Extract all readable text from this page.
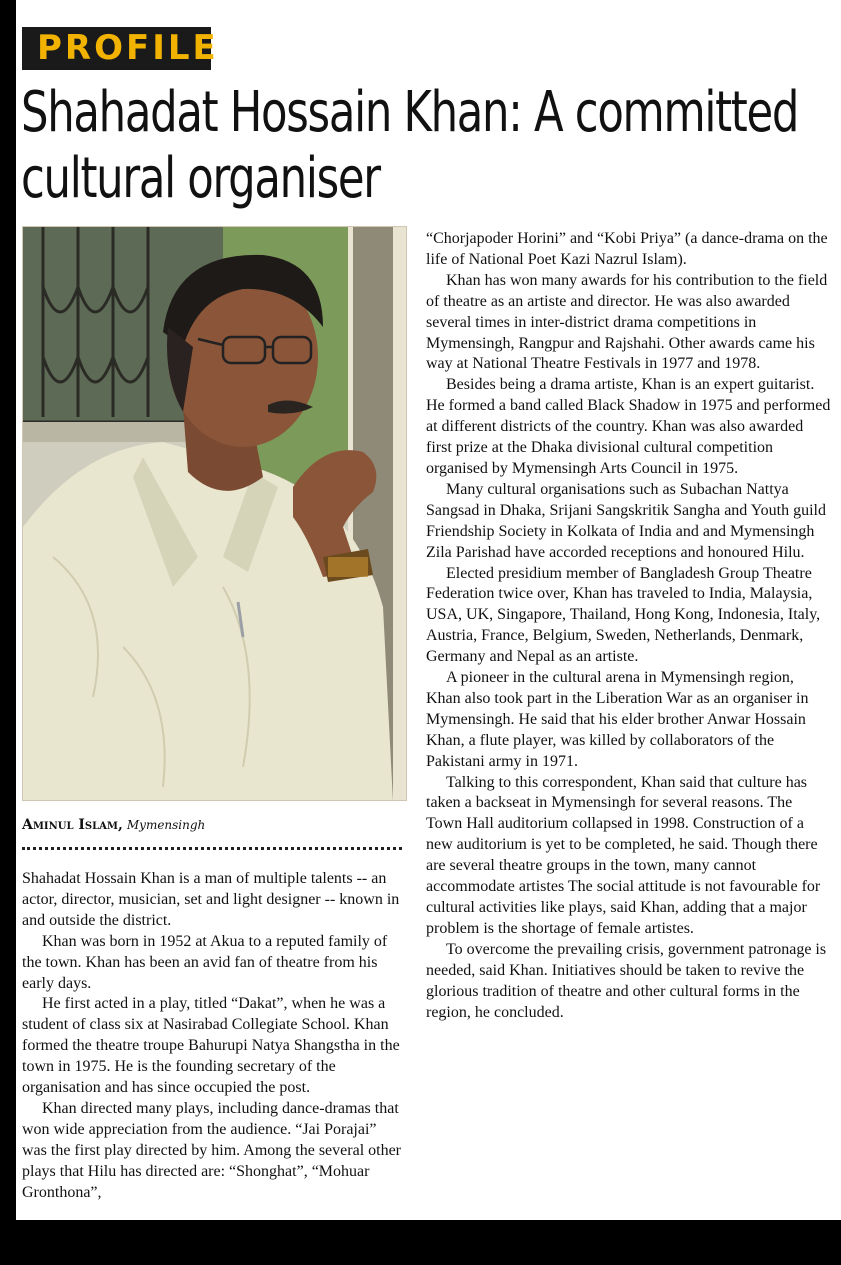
PROFILE
Shahadat Hossain Khan: A committed cultural organiser
Aminul Islam, Mymensingh

Shahadat Hossain Khan is a man of multiple talents -- an actor, director, musician, set and light designer -- known in and outside the district.

Khan was born in 1952 at Akua to a reputed family of the town. Khan has been an avid fan of theatre from his early days.

He first acted in a play, titled “Dakat”, when he was a student of class six at Nasirabad Collegiate School. Khan formed the theatre troupe Bahurupi Natya Shangstha in the town in 1975. He is the founding secretary of the organisation and has since occupied the post.

Khan directed many plays, including dance-dramas that won wide appreciation from the audience. “Jai Porajai” was the first play directed by him. Among the several other plays that Hilu has directed are: “Shonghat”, “Mohuar Gronthona”,

“Chorjapoder Horini” and “Kobi Priya” (a dance-drama on the life of National Poet Kazi Nazrul Islam).

Khan has won many awards for his contribution to the field of theatre as an artiste and director. He was also awarded several times in inter-district drama competitions in Mymensingh, Rangpur and Rajshahi. Other awards came his way at National Theatre Festivals in 1977 and 1978.

Besides being a drama artiste, Khan is an expert guitarist. He formed a band called Black Shadow in 1975 and performed at different districts of the country. Khan was also awarded first prize at the Dhaka divisional cultural competition organised by Mymensingh Arts Council in 1975.

Many cultural organisations such as Subachan Nattya Sangsad in Dhaka, Srijani Sangskritik Sangha and Youth guild Friendship Society in Kolkata of India and and Mymensingh Zila Parishad have accorded receptions and honoured Hilu.

Elected presidium member of Bangladesh Group Theatre Federation twice over, Khan has traveled to India, Malaysia, USA, UK, Singapore, Thailand, Hong Kong, Indonesia, Italy, Austria, France, Belgium, Sweden, Netherlands, Denmark, Germany and Nepal as an artiste.

A pioneer in the cultural arena in Mymensingh region, Khan also took part in the Liberation War as an organiser in Mymensingh. He said that his elder brother Anwar Hossain Khan, a flute player, was killed by collaborators of the Pakistani army in 1971.

Talking to this correspondent, Khan said that culture has taken a backseat in Mymensingh for several reasons. The Town Hall auditorium collapsed in 1998. Construction of a new auditorium is yet to be completed, he said. Though there are several theatre groups in the town, many cannot accommodate artistes The social attitude is not favourable for cultural activities like plays, said Khan, adding that a major problem is the shortage of female artistes.

To overcome the prevailing crisis, government patronage is needed, said Khan. Initiatives should be taken to revive the glorious tradition of theatre and other cultural forms in the region, he concluded.
